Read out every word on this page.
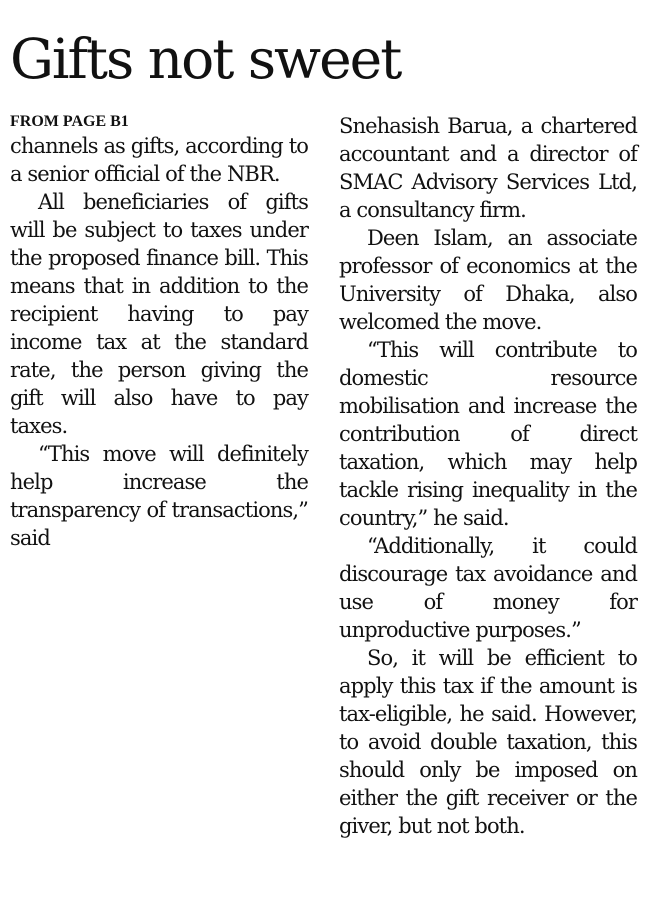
Gifts not sweet
FROM PAGE B1

channels as gifts, according to a senior official of the NBR.

All beneficiaries of gifts will be subject to taxes under the proposed finance bill. This means that in addition to the recipient having to pay income tax at the standard rate, the person giving the gift will also have to pay taxes.

“This move will definitely help increase the transparency of transactions,” said

Snehasish Barua, a chartered accountant and a director of SMAC Advisory Services Ltd, a consultancy firm.

Deen Islam, an associate professor of economics at the University of Dhaka, also welcomed the move.

“This will contribute to domestic resource mobilisation and increase the contribution of direct taxation, which may help tackle rising inequality in the country,” he said.

“Additionally, it could discourage tax avoidance and use of money for unproductive purposes.”

So, it will be efficient to apply this tax if the amount is tax-eligible, he said. However, to avoid double taxation, this should only be imposed on either the gift receiver or the giver, but not both.
